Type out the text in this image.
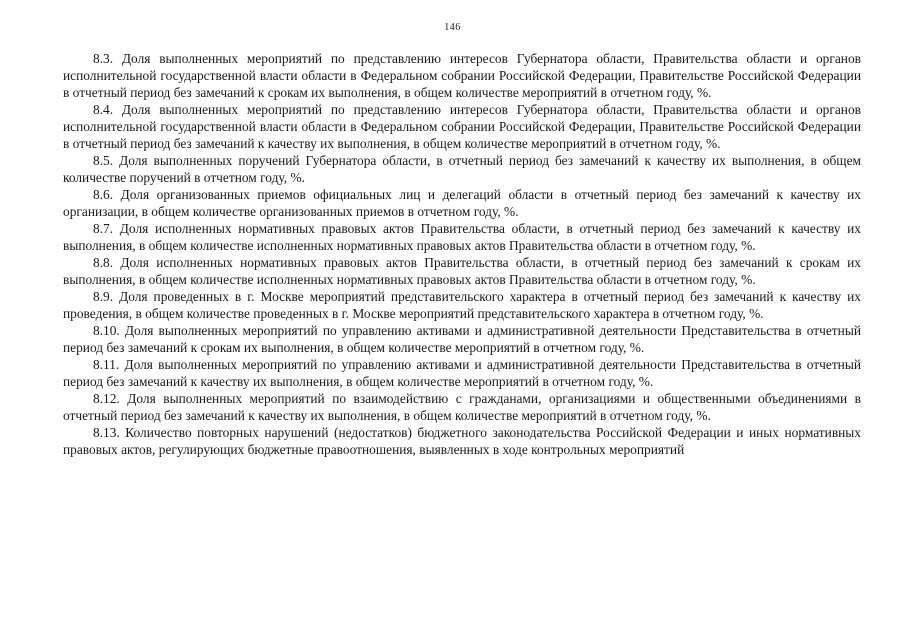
146

8.3. Доля выполненных мероприятий по представлению интересов Губернатора области, Правительства области и органов исполнительной государственной власти области в Федеральном собрании Российской Федерации, Правительстве Российской Федерации в отчетный период без замечаний к срокам их выполнения, в общем количестве мероприятий в отчетном году, %.

8.4. Доля выполненных мероприятий по представлению интересов Губернатора области, Правительства области и органов исполнительной государственной власти области в Федеральном собрании Российской Федерации, Правительстве Российской Федерации в отчетный период без замечаний к качеству их выполнения, в общем количестве мероприятий в отчетном году, %.

8.5. Доля выполненных поручений Губернатора области, в отчетный период без замечаний к качеству их выполнения, в общем количестве поручений в отчетном году, %.

8.6. Доля организованных приемов официальных лиц и делегаций области в отчетный период без замечаний к качеству их организации, в общем количестве организованных приемов в отчетном году, %.

8.7. Доля исполненных нормативных правовых актов Правительства области, в отчетный период без замечаний к качеству их выполнения, в общем количестве исполненных нормативных правовых актов Правительства области в отчетном году, %.

8.8. Доля исполненных нормативных правовых актов Правительства области, в отчетный период без замечаний к срокам их выполнения, в общем количестве исполненных нормативных правовых актов Правительства области в отчетном году, %.

8.9. Доля проведенных в г. Москве мероприятий представительского характера в отчетный период без замечаний к качеству их проведения, в общем количестве проведенных в г. Москве мероприятий представительского характера в отчетном году, %.

8.10. Доля выполненных мероприятий по управлению активами и административной деятельности Представительства в отчетный период без замечаний к срокам их выполнения, в общем количестве мероприятий в отчетном году, %.

8.11. Доля выполненных мероприятий по управлению активами и административной деятельности Представительства в отчетный период без замечаний к качеству их выполнения, в общем количестве мероприятий в отчетном году, %.

8.12. Доля выполненных мероприятий по взаимодействию с гражданами, организациями и общественными объединениями в отчетный период без замечаний к качеству их выполнения, в общем количестве мероприятий в отчетном году, %.

8.13. Количество повторных нарушений (недостатков) бюджетного законодательства Российской Федерации и иных нормативных правовых актов, регулирующих бюджетные правоотношения, выявленных в ходе контрольных мероприятий
